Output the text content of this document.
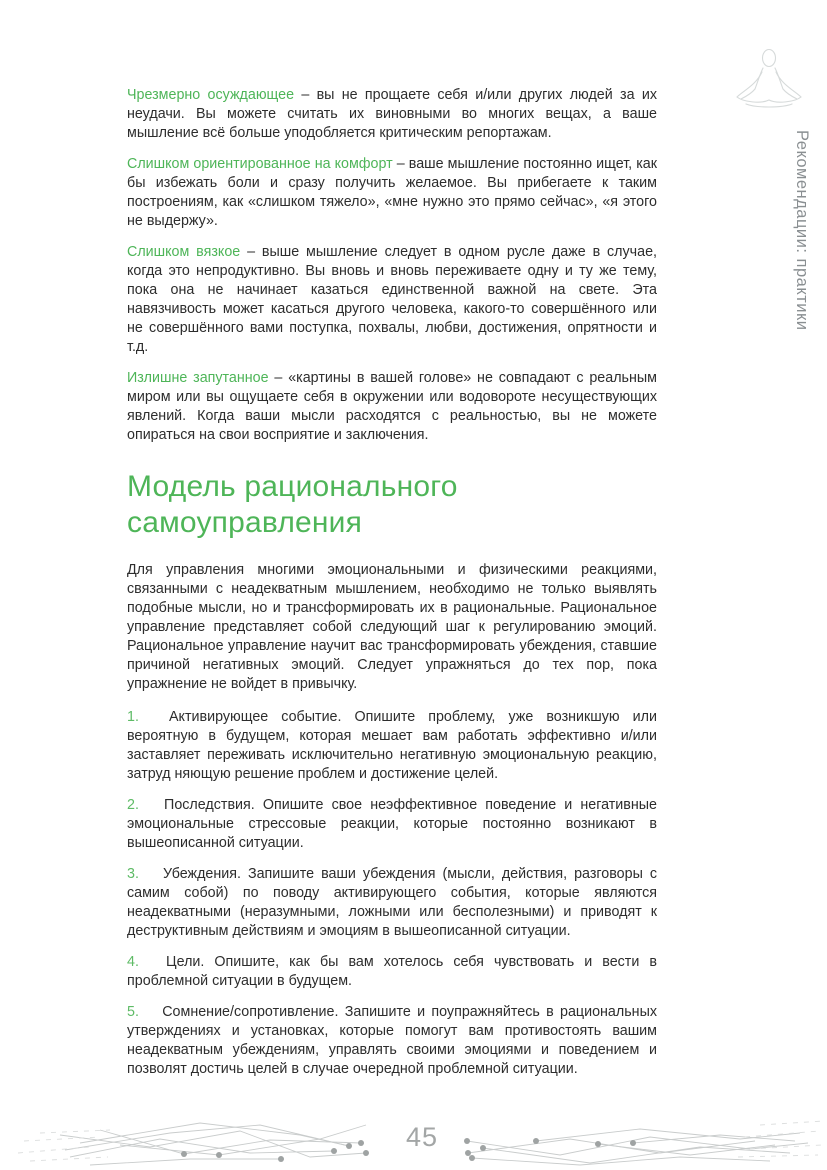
Рекомендации: практики

Чрезмерно осуждающее – вы не прощаете себя и/или других людей за их неудачи. Вы можете считать их виновными во многих вещах, а ваше мышление всё больше уподобляется критическим репортажам.

Слишком ориентированное на комфорт – ваше мышление постоянно ищет, как бы избежать боли и сразу получить желаемое. Вы прибегаете к таким построениям, как «слишком тяжело», «мне нужно это прямо сейчас», «я этого не выдержу».

Слишком вязкое – выше мышление следует в одном русле даже в случае, когда это непродуктивно. Вы вновь и вновь переживаете одну и ту же тему, пока она не начинает казаться единственной важной на свете. Эта навязчивость может касаться другого человека, какого-то совершённого или не совершённого вами поступка, похвалы, любви, достижения, опрятности и т.д.

Излишне запутанное – «картины в вашей голове» не совпадают с реальным миром или вы ощущаете себя в окружении или водовороте несуществующих явлений. Когда ваши мысли расходятся с реальностью, вы не можете опираться на свои восприятие и заключения.

Модель рационального самоуправления

Для управления многими эмоциональными и физическими реакциями, связанными с неадекватным мышлением, необходимо не только выявлять подобные мысли, но и трансформировать их в рациональные. Рациональное управление представляет собой следующий шаг к регулированию эмоций. Рациональное управление научит вас трансформировать убеждения, ставшие причиной негативных эмоций. Следует упражняться до тех пор, пока упражнение не войдет в привычку.

1. Активирующее событие. Опишите проблему, уже возникшую или вероятную в будущем, которая мешает вам работать эффективно и/или заставляет переживать исключительно негативную эмоциональную реакцию, затруд няющую решение проблем и достижение целей.

2. Последствия. Опишите свое неэффективное поведение и негативные эмоциональные стрессовые реакции, которые постоянно возникают в вышеописанной ситуации.

3. Убеждения. Запишите ваши убеждения (мысли, действия, разговоры с самим собой) по поводу активирующего события, которые являются неадекватными (неразумными, ложными или бесполезными) и приводят к деструктивным действиям и эмоциям в вышеописанной ситуации.

4. Цели. Опишите, как бы вам хотелось себя чувствовать и вести в проблемной ситуации в будущем.

5. Сомнение/сопротивление. Запишите и поупражняйтесь в рациональных утверждениях и установках, которые помогут вам противостоять вашим неадекватным убеждениям, управлять своими эмоциями и поведением и позволят достичь целей в случае очередной проблемной ситуации.

45
